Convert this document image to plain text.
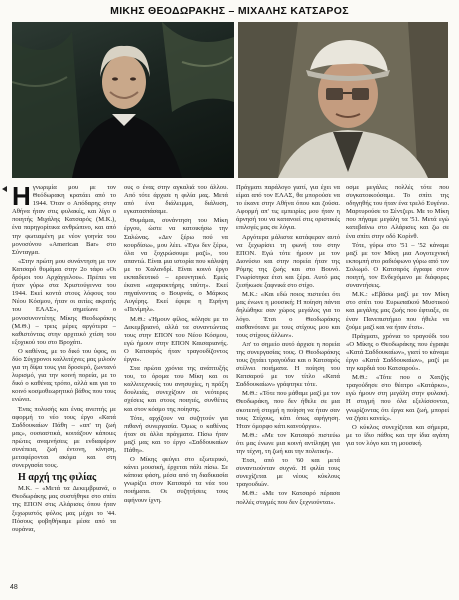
ΜΙΚΗΣ ΘΕΟΔΩΡΑΚΗΣ – ΜΙΧΑΛΗΣ ΚΑΤΣΑΡΟΣ

Ηγνωριμία μου με τον Θεόδωρακη κρατάει από το 1944. Όταν ο Απόδαρης στην Αθήνα ήταν στις φυλακές, και λίγο ο ποιητής Μιχάλης Κατσαρός (Μ.Κ.), ένα παρηγορίτικα ανθρώπινο, και από την φωτιαμένη με νέον γοηνία του μονοσύνου «American Bar» στο Σύνταγμα.

«Στην πρώτη μου συνάντηση με τον Κατσαρό θυμάμαι στην 2ο τάφο «Οι δρόμοι του Αρχάγγελου». Πρέπει να ήταν γύρω στα Χριστούγεννα του 1944. Εκεί κοντά στους λόφους του Νέου Κόσμου, ήταν οι αιτίες ακριτής του ΕΛΑΣ», σημείωνε ο μονοσυνοντέτης Μίκης Θεοδωράκης (Μ.Θ.) – τρεις μέρες αργότερα – καθιστόντας στην αρχιτικό χτίση του εξοχικού του στο Βροχάτι.

Ο καθένας, με το δικό του ύφος, οι δύο Σύγχρονοι καλλιτέχνες μας μιλούν για τη δίψα τους για δροσερό, ζωντανό λυρισμό, για την κοινή πορεία, με το δικό ο καθένας τρόπο, αλλά και για το κοινό κοσμοθεωρητικό βάθος που τους ενώνει.

Ένας πολυσής και ένας ανεπτής με αφορμή το νέο τους έργο «Κατά Σαδδουκαίων Πάθη – «απ' τη ζωή μας», ουσιαστικά, κοιτάζουν κάποιες πρώτες αναμνήσεις με ενδιαφέρον συνέπεια, ζωή έντονη, κίνηση, μεταφέρονται ακόμα και στη συνεργασία τους.

Η αρχή της φιλίας

Μ.Κ. – «Μετά τα Δεκεμβριανά, ο Θεοδωράκης μας συστήθηκε στο σπίτι της ΕΠΟΝ στις Αλάρισες όπου ήταν ξεχωριστός φύλος μας μέχρι το '44. Πόσους φοβηθήκαμε μέσα από τα ουράνια,

ους ο ένας στην αγκαλιά του άλλου. Από τότε άρχισε η φιλία μας. Μετά από ένα διάλειμμα, διάλυση, εγκατασπάσαμε.

Θυμάμαι, συνάντηση του Μίκη έργου, ώστε να κατοικήσω την Σαλώνας. «Δεν ξέρω πού να κουρδίσω», μου λέει. «Έγω δεν ξέρω, όλα να ξοχιρώσουμε μαζί», του απαντώ. Είναι μια ιστορία που κάλυψη με το Χαλανδρί. Είναι κοινό έργο εκπαιδευτικό – ερευνητικό. Εμείς έκανα «αχαρακτήρης ταύτη». Εκεί πηγαίνοντας ο Βουρνάς, ο Μάρκος Αυγέρης. Εκεί έφερε η Ειρήνη «Πενίμηλ».

Μ.Θ.: «Ήμουν φίλος, κόλησε με το Δεκεμβριανό, αλλά τα συναντώντας τους στην ΕΠΟΝ του Νέου Κόσμου, εγώ ήμουν στην ΕΠΟΝ Καισαριανής. Ο Κατσαρός ήταν τραγουδίζοντος έργα».

Στα πρώτα χρόνια της ανάπτυξής του, το όρομα του Μίκη και οι καλλιτεχνικές του ανησυχίες, η πράξη δουλειάς, συνεχίζουν σε νεότερες σχέσεις και στους ποιητές, συνθέτες και στον κόσμο της ποίησης.

Τότε, αρχίζουν να συζητούν για πιθανή συνεργασία. Όμως ο καθένας ήταν σε άλλα πράγματα. Πίσω ήταν μαζί μας και το έργο «Σαδδουκαίων Πάθη».

Ο Μίκης φεύγει στο εξωτερικό, κάνει μουσική, έρχεται πάλι πίσω. Σε κάποια φάση, μέσα από τη διαδικασία γνωρίζει στον Κατσαρό τα νέα του ποιήματα. Οι συζητήσεις τους αφήνουν ίχνη.

Πράγματι παράλογο γιατί, για έχει να είμαι από τον ΕΛΑΣ, θα μπορούσε να το έκανε στην Αθήνα όπου και ζούσα. Αφορμή απ' τις εμπειρίες μου ήταν η άρνησή του να κατανοεί στις οριστικές επιλογές μας σε λόγια.

Αργότερα μάλιστα κατάφεραν αυτό να ξεχωρίσει τη φωνή του στην ΕΠΟΝ. Εγώ τότε ήμουν με τον Διονύσιο και στην πορεία ήταν της Ρόμης της ζωής και στο Βουνό. Γνωρίστηκα έτσι και ξέρα. Αυτό μας ξεσήκωσε ξαφνικά στο στίχο.

Μ.Κ.: «Και εδώ ποιος πιστεύει ότι μας ένωνε η μουσική; Η ποίηση πάντα δηλώθηκε σαν χώρος μεγάλος για το λόγο. Έτσι ο Θεοδωράκης αισθανότανε με τους στίχους μου και τους στίχους άλλων».

Απ' το σημείο αυτό άρχισε η πορεία της συνεργασίας τους. Ο Θεοδωράκης τους ζητάει τραγούδια και ο Κατσαρός στέλνει ποιήματα. Η ποίηση του Κατσαρού με τον τίτλο «Κατά Σαδδουκαίων» γράφτηκε τότε.

Μ.Θ.: «Τότε που μάθαμε μαζί με τον Θεοδωράκη, που δεν ήθελε σε μια σκοτεινή στιγμή η ποίηση να ήταν σαν τους Στίχους, κάτι όπως αφήγηση. Ήταν όμορφο κάτι καινούργιο».

Μ.Θ.: «Με τον Κατσαρό πιστεύω ότι μας ένωνε μια κοινή αντίληψη για την τέχνη, τη ζωή και την πολιτική».

Έτσι, από το '60 και μετά συναντιούνταν συχνά. Η φιλία τους συνεχίζεται με νέους κύκλους τραγουδιών.

Μ.Θ.: «Με τον Κατσαρό πέρασα πολλές στιγμές που δεν ξεχνιούνται».

οσμε μεγάλες πολλές τότε που συγκατοικούσαμε. Το σπίτι της οδηγηθής του ήταν ένα τρελό Ευγένιο. Μαρτυρούσε το Σέντζερι. Με το Μίκη που πήγαμε μεγάλη τα '51. Μετά εγώ κατεβαίνω στο Αλάρισες και ζω σε ένα σπίτι στην οδό Κορίνθ.

Τότε, γύρω στο '51 – '52 κάναμε μαζί με τον Μίκη μια Λογοτεχνική εκπομπή στο ραδιόφωνο γύρω από τον Σολωμό. Ο Κατσαρός έγραφε στον ποιητή, τον Ενδεχόμενο με διάφορες συναντήσεις.

Μ.Κ.: «Εβάσω μαζί με τον Μίκη στο σπίτι του Ευρωπαϊκού Μυστικού και μεγάλης μας ζωής που έφτιαξε, σε έναν Πανεπιστήμιο που ήθελε να ζούμε μαζί και να ήταν έτσι».

Πράγματι, χρόνια το τραγούδι του «Ο Μίκης ο Θεοδωράκης που έγραψε «Κατά Σαδδουκαίων», γιατί το κάναμε έργο «Κατά Σαδδουκαίων», μαζί με την καρδιά του Κατσαρού».

Μ.Θ.: «Τότε που ο Χατζής τραγούδησε στο θέατρο «Κατάρκο», εγώ ήμουν στη μεγάλη στην φυλακή. Η στιγμή που όλα εξελίσσονται, γνωρίζοντας ότι έργα και ζωή, μπορεί να ζήσει κανείς».

Ο κύκλος συνεχίζεται και σήμερα, με το ίδιο πάθος και την ίδια αγάπη για τον λόγο και τη μουσική.

48
